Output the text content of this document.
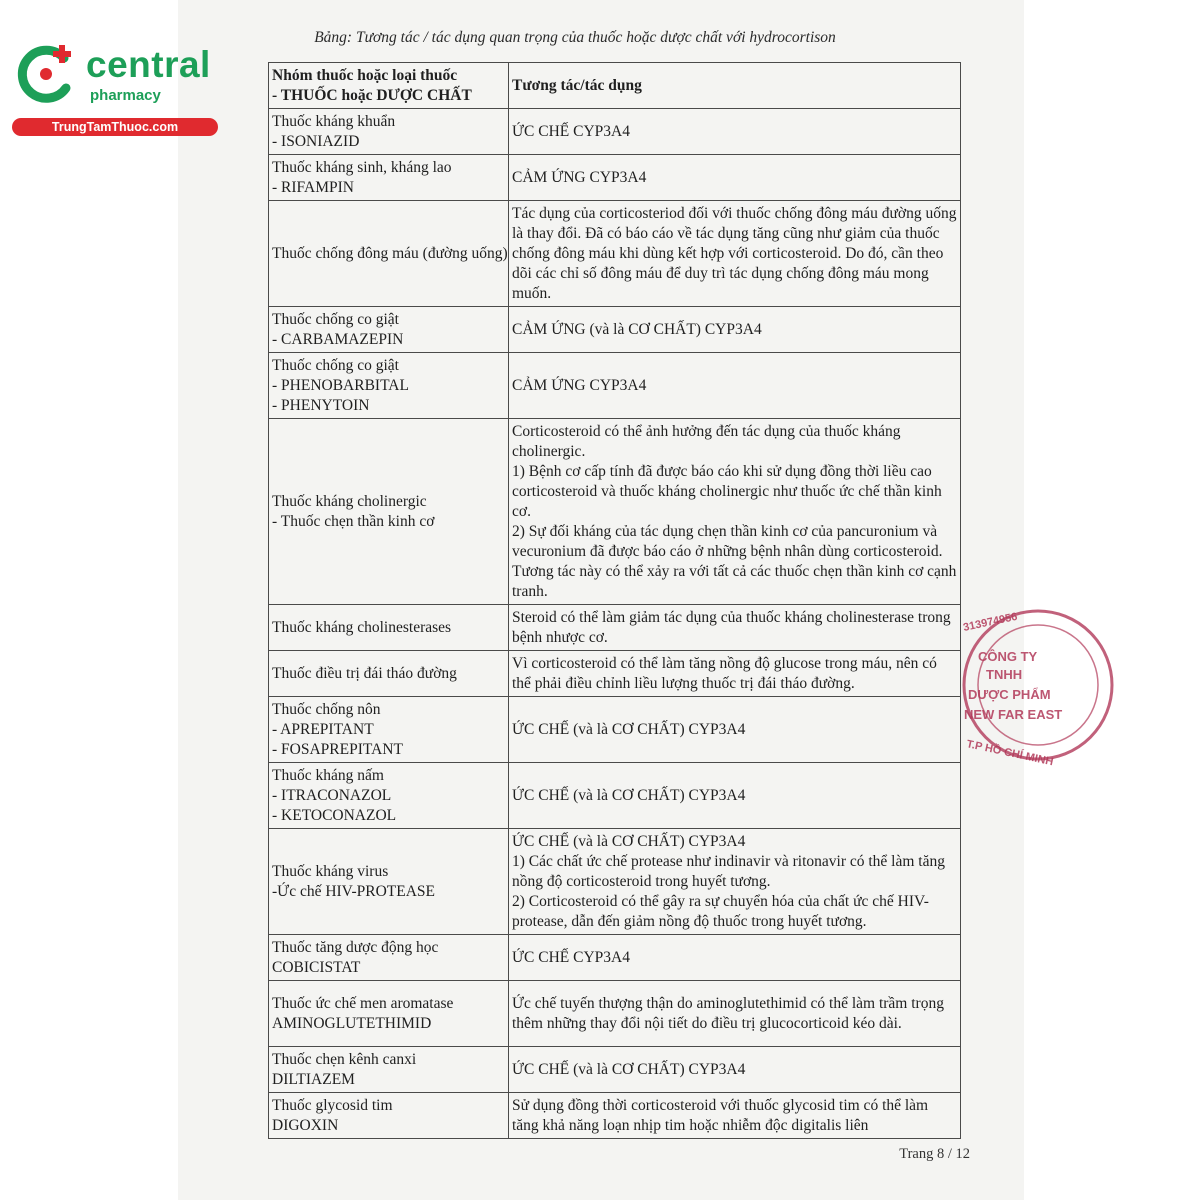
central
pharmacy
TrungTamThuoc.com
Bảng: Tương tác / tác dụng quan trọng của thuốc hoặc dược chất với hydrocortison
Nhóm thuốc hoặc loại thuốc
- THUỐC hoặc DƯỢC CHẤT	Tương tác/tác dụng

Thuốc kháng khuẩn
- ISONIAZID	ỨC CHẾ CYP3A4

Thuốc kháng sinh, kháng lao
- RIFAMPIN	CẢM ỨNG CYP3A4

Thuốc chống đông máu (đường uống)	Tác dụng của corticosteriod đối với thuốc chống đông máu đường uống là thay đổi. Đã có báo cáo về tác dụng tăng cũng như giảm của thuốc chống đông máu khi dùng kết hợp với corticosteroid. Do đó, cần theo dõi các chỉ số đông máu để duy trì tác dụng chống đông máu mong muốn.

Thuốc chống co giật
- CARBAMAZEPIN	CẢM ỨNG (và là CƠ CHẤT) CYP3A4

Thuốc chống co giật
- PHENOBARBITAL
- PHENYTOIN	CẢM ỨNG CYP3A4

Thuốc kháng cholinergic
- Thuốc chẹn thần kinh cơ	Corticosteroid có thể ảnh hưởng đến tác dụng của thuốc kháng cholinergic.
1) Bệnh cơ cấp tính đã được báo cáo khi sử dụng đồng thời liều cao corticosteroid và thuốc kháng cholinergic như thuốc ức chế thần kinh cơ.
2) Sự đối kháng của tác dụng chẹn thần kinh cơ của pancuronium và vecuronium đã được báo cáo ở những bệnh nhân dùng corticosteroid. Tương tác này có thể xảy ra với tất cả các thuốc chẹn thần kinh cơ cạnh tranh.

Thuốc kháng cholinesterases	Steroid có thể làm giảm tác dụng của thuốc kháng cholinesterase trong bệnh nhược cơ.

Thuốc điều trị đái tháo đường	Vì corticosteroid có thể làm tăng nồng độ glucose trong máu, nên có thể phải điều chỉnh liều lượng thuốc trị đái tháo đường.

Thuốc chống nôn
- APREPITANT
- FOSAPREPITANT	ỨC CHẾ (và là CƠ CHẤT) CYP3A4

Thuốc kháng nấm
- ITRACONAZOL
- KETOCONAZOL	ỨC CHẾ (và là CƠ CHẤT) CYP3A4

Thuốc kháng virus
-Ức chế HIV-PROTEASE	ỨC CHẾ (và là CƠ CHẤT) CYP3A4
1) Các chất ức chế protease như indinavir và ritonavir có thể làm tăng nồng độ corticosteroid trong huyết tương.
2) Corticosteroid có thể gây ra sự chuyển hóa của chất ức chế HIV-protease, dẫn đến giảm nồng độ thuốc trong huyết tương.

Thuốc tăng dược động học
COBICISTAT	ỨC CHẾ CYP3A4

Thuốc ức chế men aromatase
AMINOGLUTETHIMID	Ức chế tuyến thượng thận do aminoglutethimid có thể làm trầm trọng thêm những thay đổi nội tiết do điều trị glucocorticoid kéo dài.

Thuốc chẹn kênh canxi
DILTIAZEM	ỨC CHẾ (và là CƠ CHẤT) CYP3A4

Thuốc glycosid tim
DIGOXIN	Sử dụng đồng thời corticosteroid với thuốc glycosid tim có thể làm tăng khả năng loạn nhịp tim hoặc nhiễm độc digitalis liên
Trang 8 / 12
313974956
CÔNG TY
TNHH
DƯỢC PHẨM
NEW FAR EAST
T.P HỒ CHÍ MINH
